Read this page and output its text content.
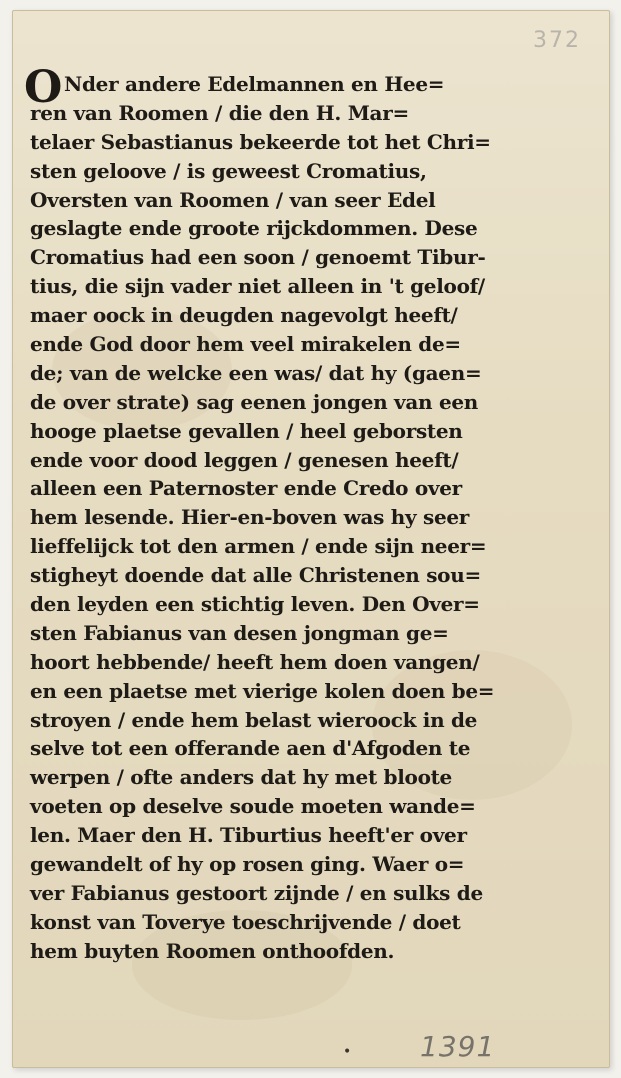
372
O Nder andere Edelmannen en Hee=
ren van Roomen / die den H. Mar=
telaer Sebastianus bekeerde tot het Chri=
sten geloove / is geweest Cromatius,
Oversten van Roomen / van seer Edel
geslagte ende groote rijckdommen. Dese
Cromatius had een soon / genoemt Tibur-
tius, die sijn vader niet alleen in 't geloof/
maer oock in deugden nagevolgt heeft/
ende God door hem veel mirakelen de=
de; van de welcke een was/ dat hy (gaen=
de over strate) sag eenen jongen van een
hooge plaetse gevallen / heel geborsten
ende voor dood leggen / genesen heeft/
alleen een Paternoster ende Credo over
hem lesende. Hier-en-boven was hy seer
lieffelijck tot den armen / ende sijn neer=
stigheyt doende dat alle Christenen sou=
den leyden een stichtig leven. Den Over=
sten Fabianus van desen jongman ge=
hoort hebbende/ heeft hem doen vangen/
en een plaetse met vierige kolen doen be=
stroyen / ende hem belast wieroock in de
selve tot een offerande aen d'Afgoden te
werpen / ofte anders dat hy met bloote
voeten op deselve soude moeten wande=
len. Maer den H. Tiburtius heeft'er over
gewandelt of hy op rosen ging. Waer o=
ver Fabianus gestoort zijnde / en sulks de
konst van Toverye toeschrijvende / doet
hem buyten Roomen onthoofden.
• 1391
